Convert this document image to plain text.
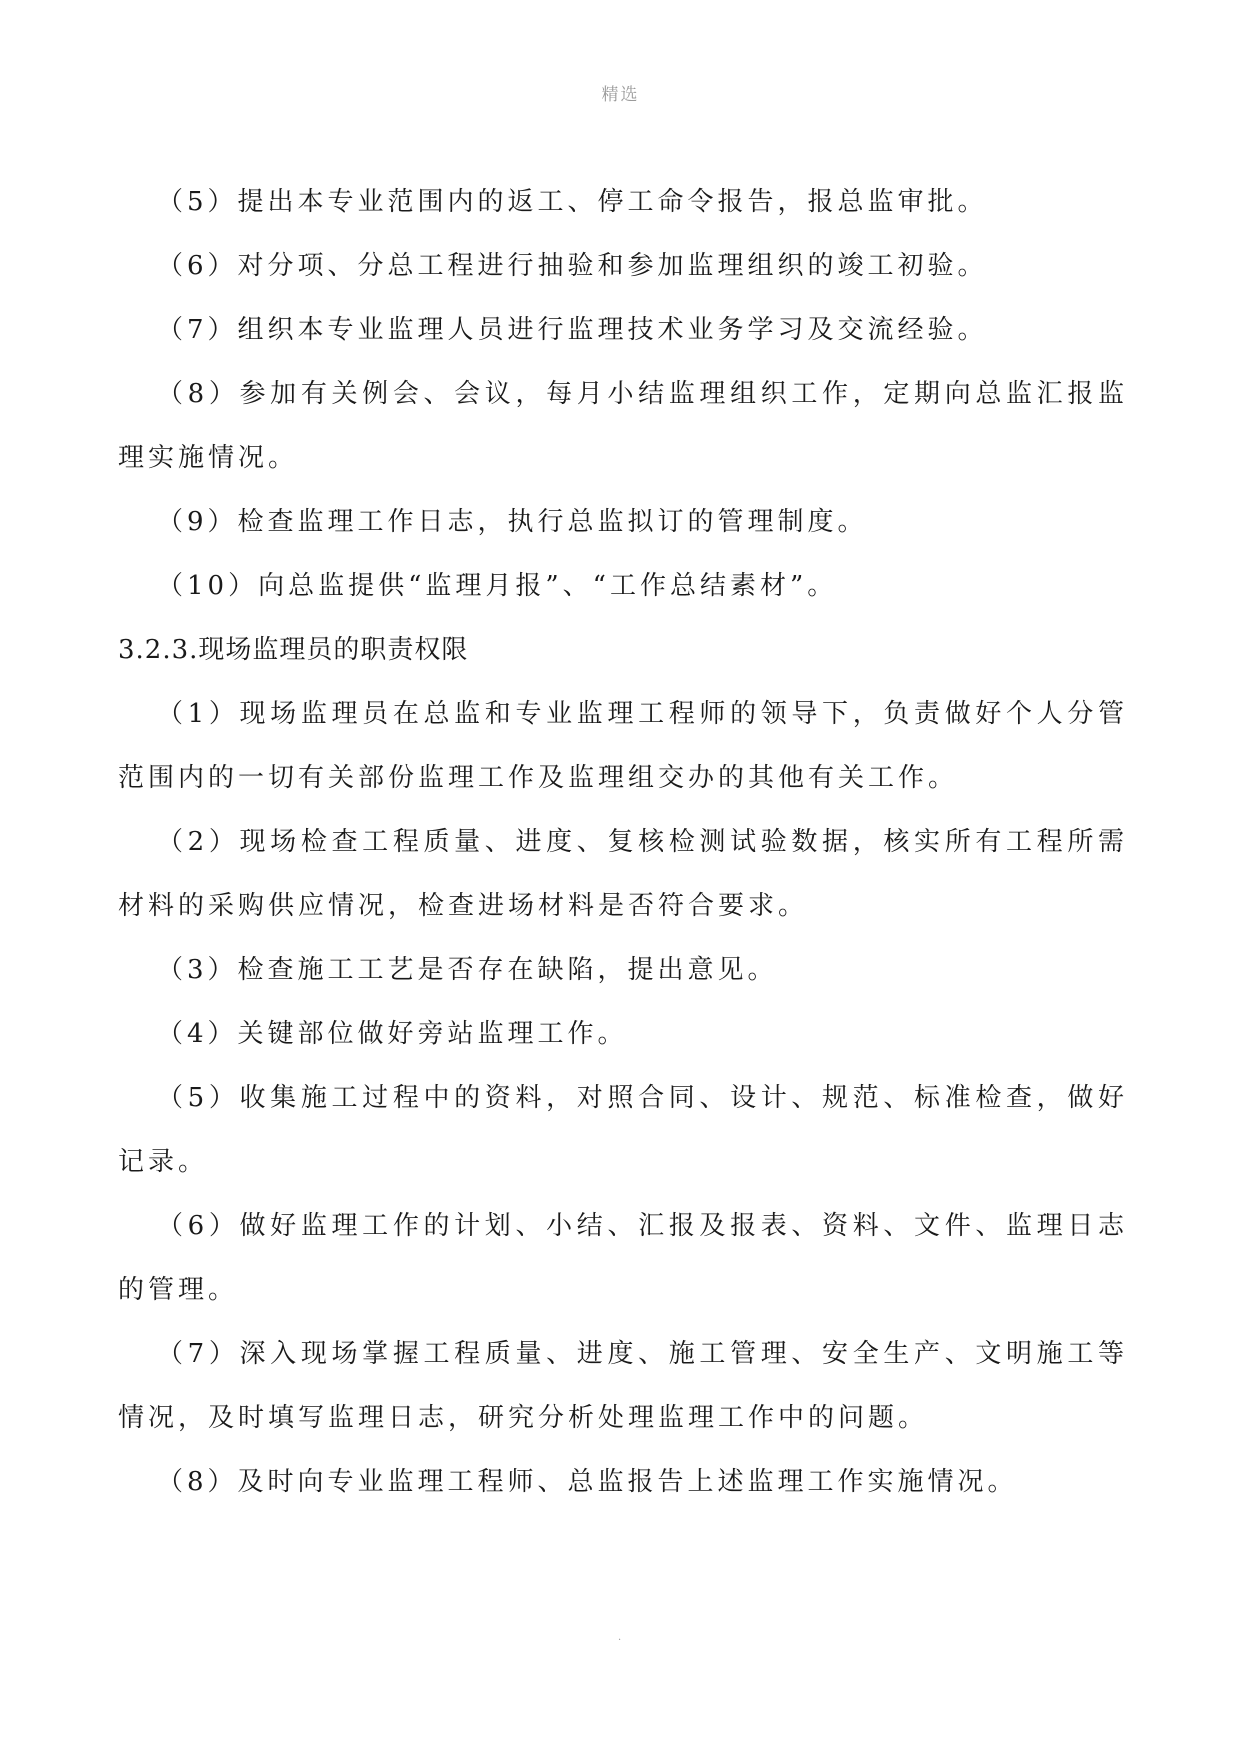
精选

（5）提出本专业范围内的返工、停工命令报告，报总监审批。

（6）对分项、分总工程进行抽验和参加监理组织的竣工初验。

（7）组织本专业监理人员进行监理技术业务学习及交流经验。

（8）参加有关例会、会议，每月小结监理组织工作，定期向总监汇报监理实施情况。

（9）检查监理工作日志，执行总监拟订的管理制度。

（10）向总监提供“监理月报”、“工作总结素材”。

3.2.3.现场监理员的职责权限

（1）现场监理员在总监和专业监理工程师的领导下，负责做好个人分管范围内的一切有关部份监理工作及监理组交办的其他有关工作。

（2）现场检查工程质量、进度、复核检测试验数据，核实所有工程所需材料的采购供应情况，检查进场材料是否符合要求。

（3）检查施工工艺是否存在缺陷，提出意见。

（4）关键部位做好旁站监理工作。

（5）收集施工过程中的资料，对照合同、设计、规范、标准检查，做好记录。

（6）做好监理工作的计划、小结、汇报及报表、资料、文件、监理日志的管理。

（7）深入现场掌握工程质量、进度、施工管理、安全生产、文明施工等情况，及时填写监理日志，研究分析处理监理工作中的问题。

（8）及时向专业监理工程师、总监报告上述监理工作实施情况。

.
